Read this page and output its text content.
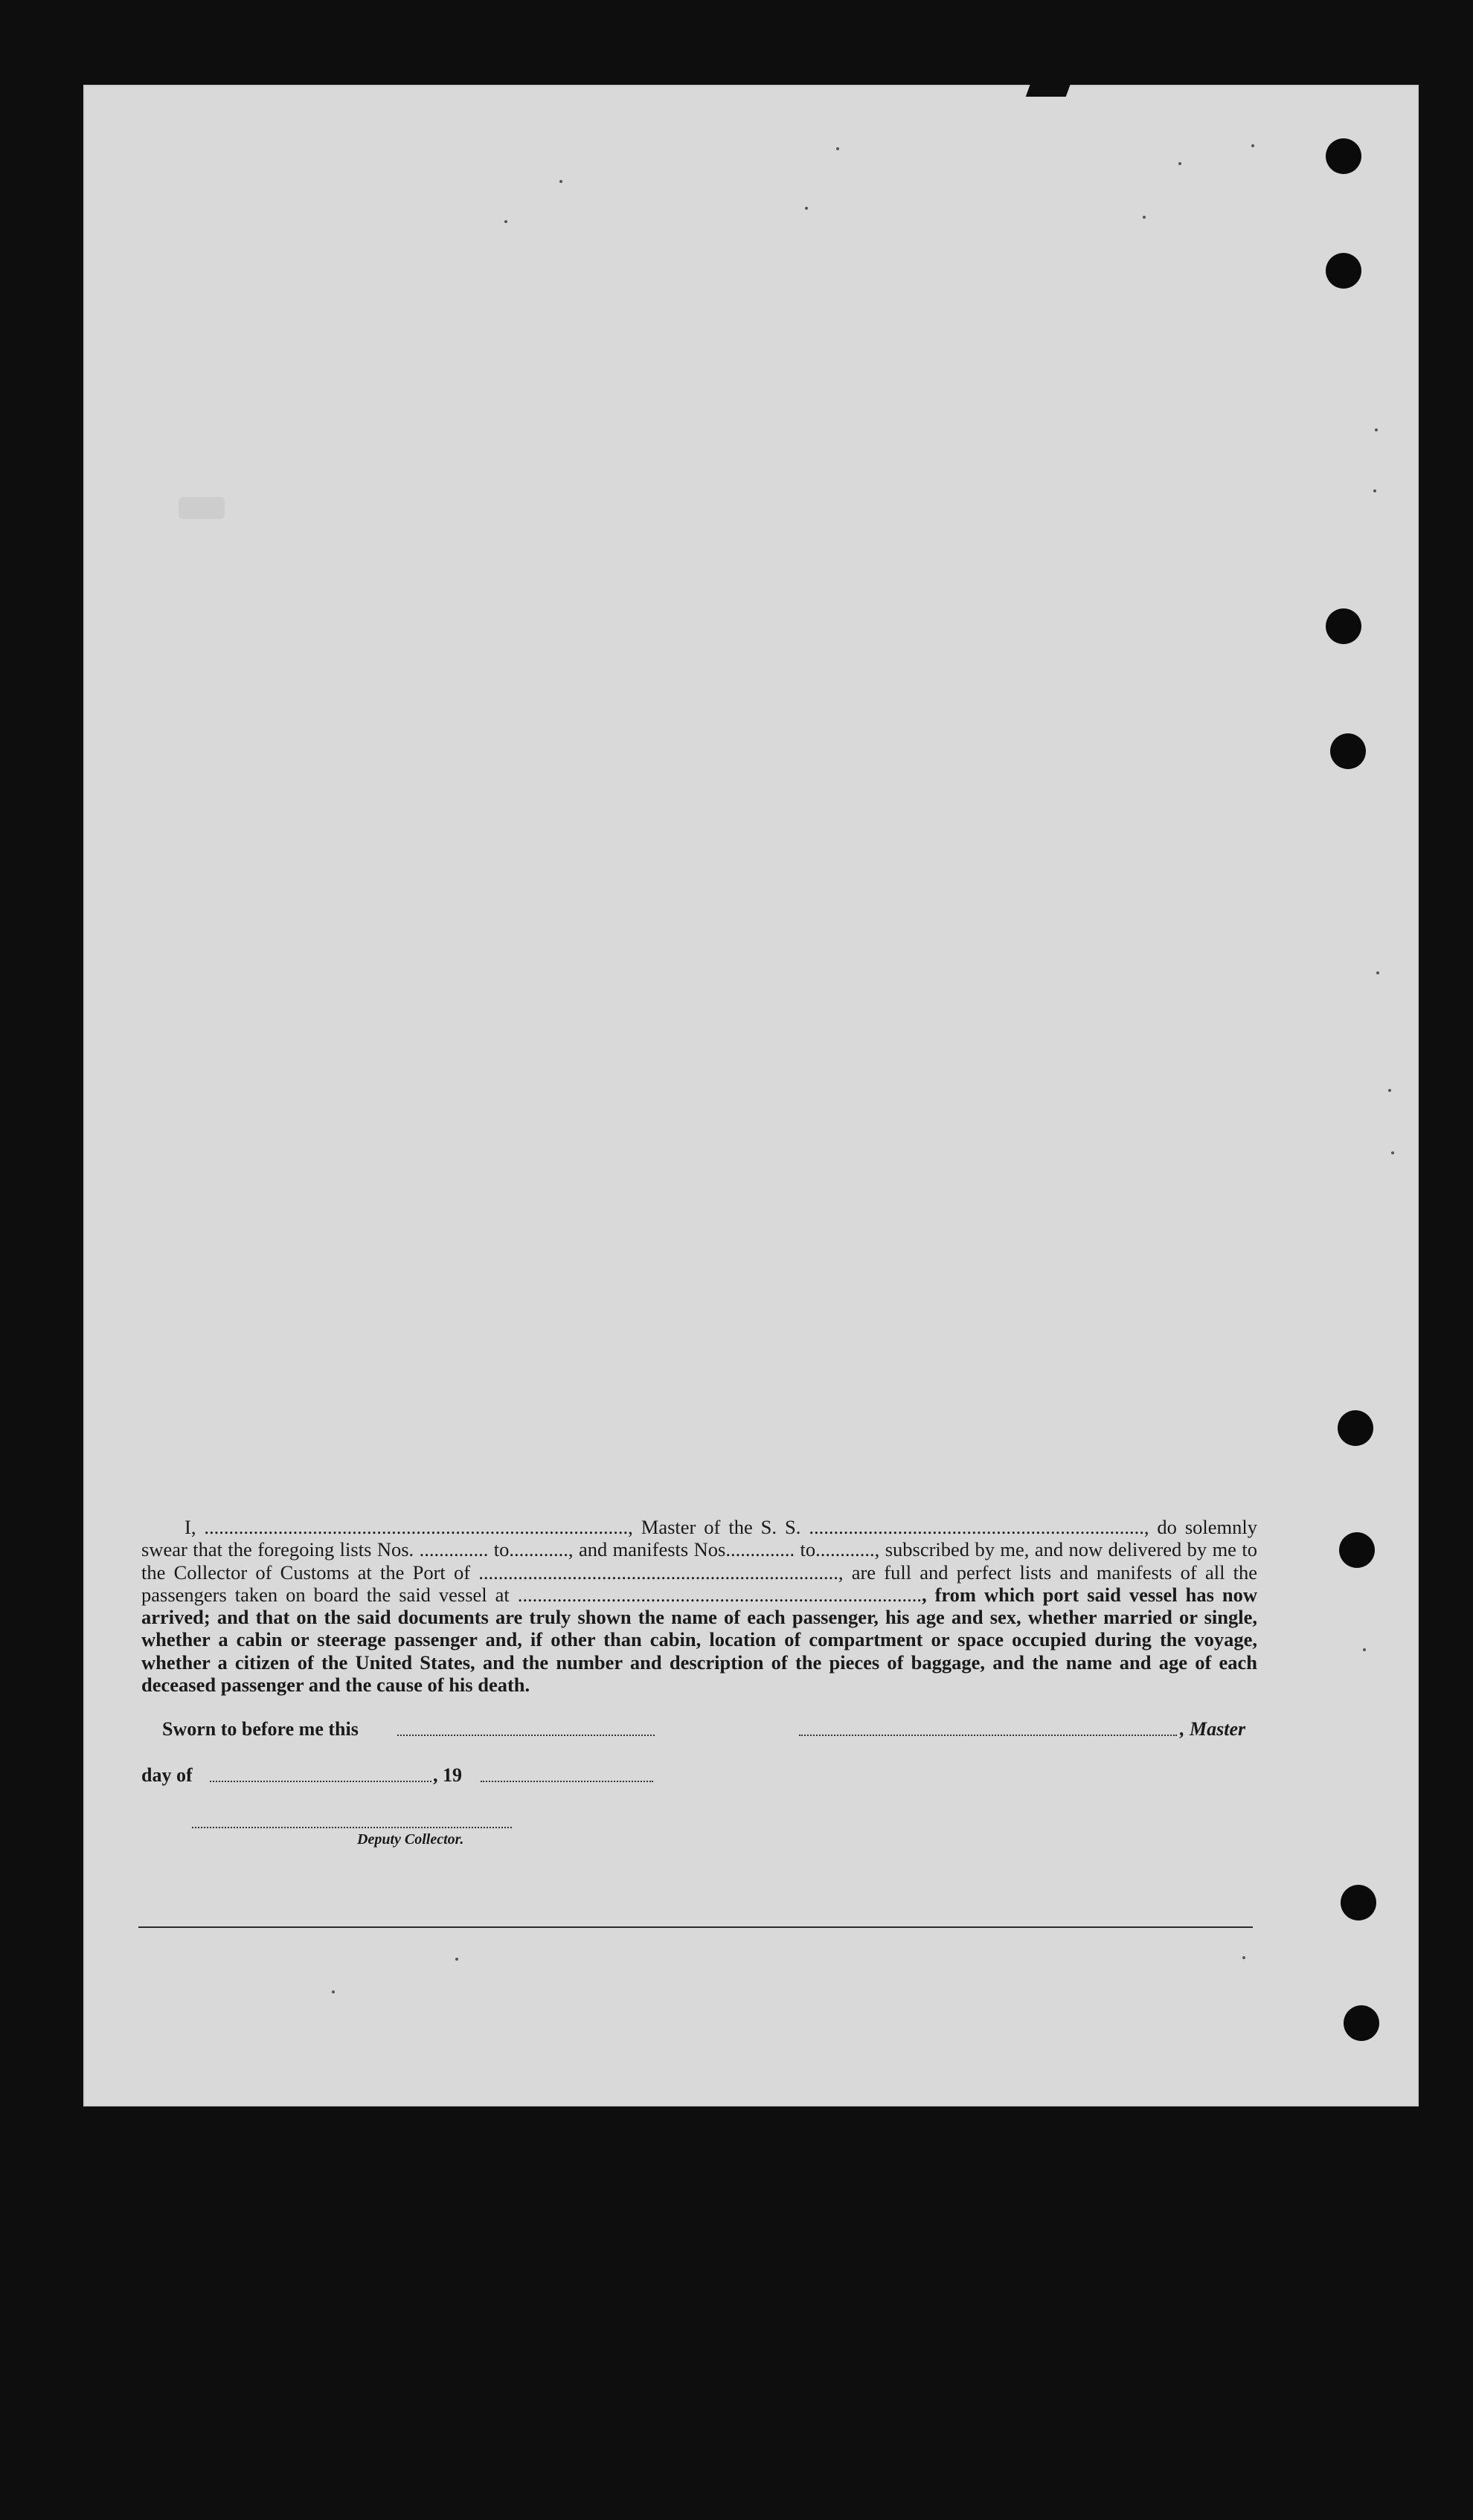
I, ......................................................................................, Master of the S. S. ...................................................................., do solemnly swear that the foregoing lists Nos. .............. to............, and manifests Nos.............. to............, subscribed by me, and now delivered by me to the Collector of Customs at the Port of ........................................................................., are full and perfect lists and manifests of all the passengers taken on board the said vessel at .................................................................................., from which port said vessel has now arrived; and that on the said documents are truly shown the name of each passenger, his age and sex, whether married or single, whether a cabin or steerage passenger and, if other than cabin, location of compartment or space occupied during the voyage, whether a citizen of the United States, and the number and description of the pieces of baggage, and the name and age of each deceased passenger and the cause of his death.

Sworn to before me this	, Master
day of	, 19
Deputy Collector.
